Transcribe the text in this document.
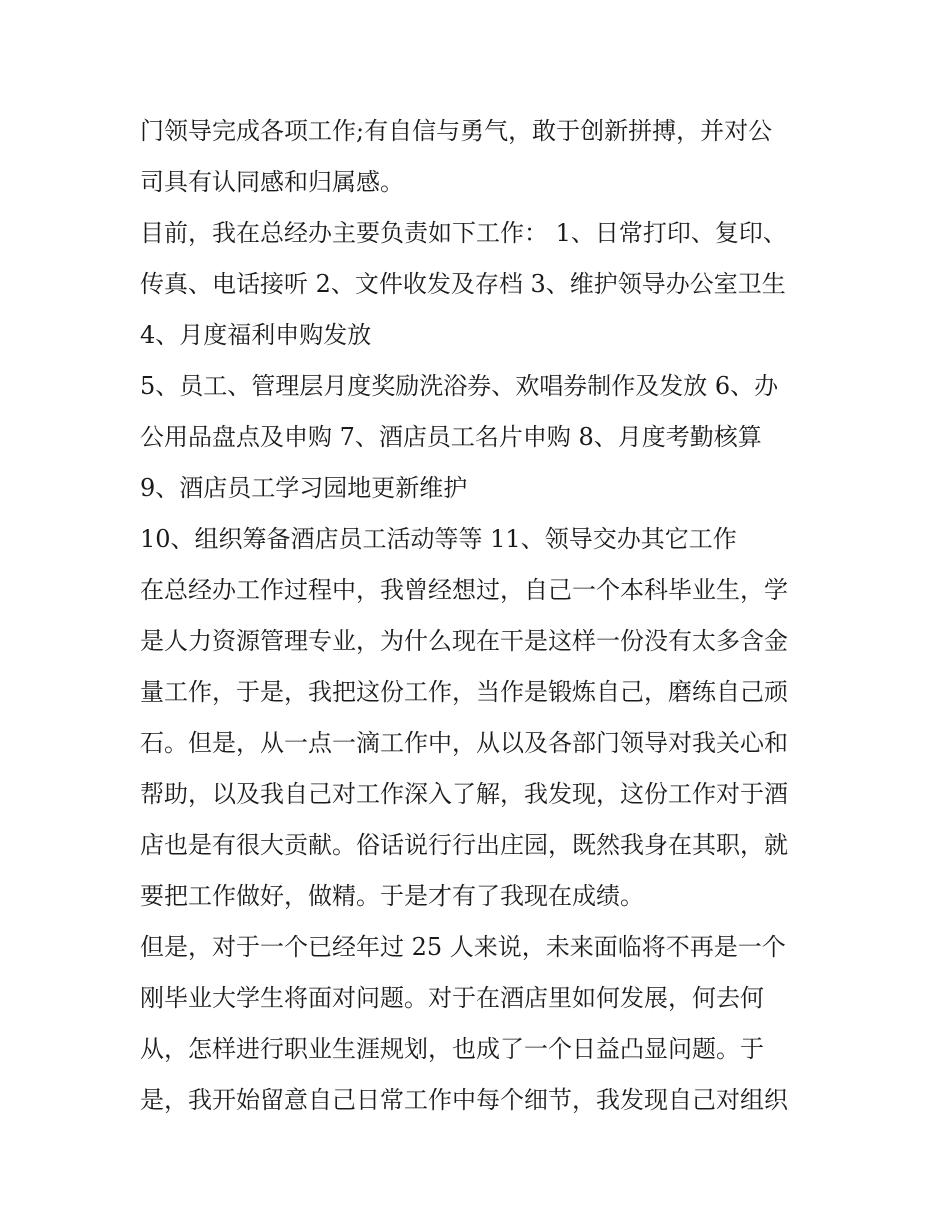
门领导完成各项工作;有自信与勇气，敢于创新拼搏，并对公
司具有认同感和归属感。
目前，我在总经办主要负责如下工作： 1、日常打印、复印、
传真、电话接听 2、文件收发及存档 3、维护领导办公室卫生
4、月度福利申购发放
5、员工、管理层月度奖励洗浴券、欢唱券制作及发放 6、办
公用品盘点及申购 7、酒店员工名片申购 8、月度考勤核算
9、酒店员工学习园地更新维护
10、组织筹备酒店员工活动等等 11、领导交办其它工作
在总经办工作过程中，我曾经想过，自己一个本科毕业生，学
是人力资源管理专业，为什么现在干是这样一份没有太多含金
量工作，于是，我把这份工作，当作是锻炼自己，磨练自己顽
石。但是，从一点一滴工作中，从以及各部门领导对我关心和
帮助，以及我自己对工作深入了解，我发现，这份工作对于酒
店也是有很大贡献。俗话说行行出庄园，既然我身在其职，就
要把工作做好，做精。于是才有了我现在成绩。
但是，对于一个已经年过 25 人来说，未来面临将不再是一个
刚毕业大学生将面对问题。对于在酒店里如何发展，何去何
从，怎样进行职业生涯规划，也成了一个日益凸显问题。于
是，我开始留意自己日常工作中每个细节，我发现自己对组织
